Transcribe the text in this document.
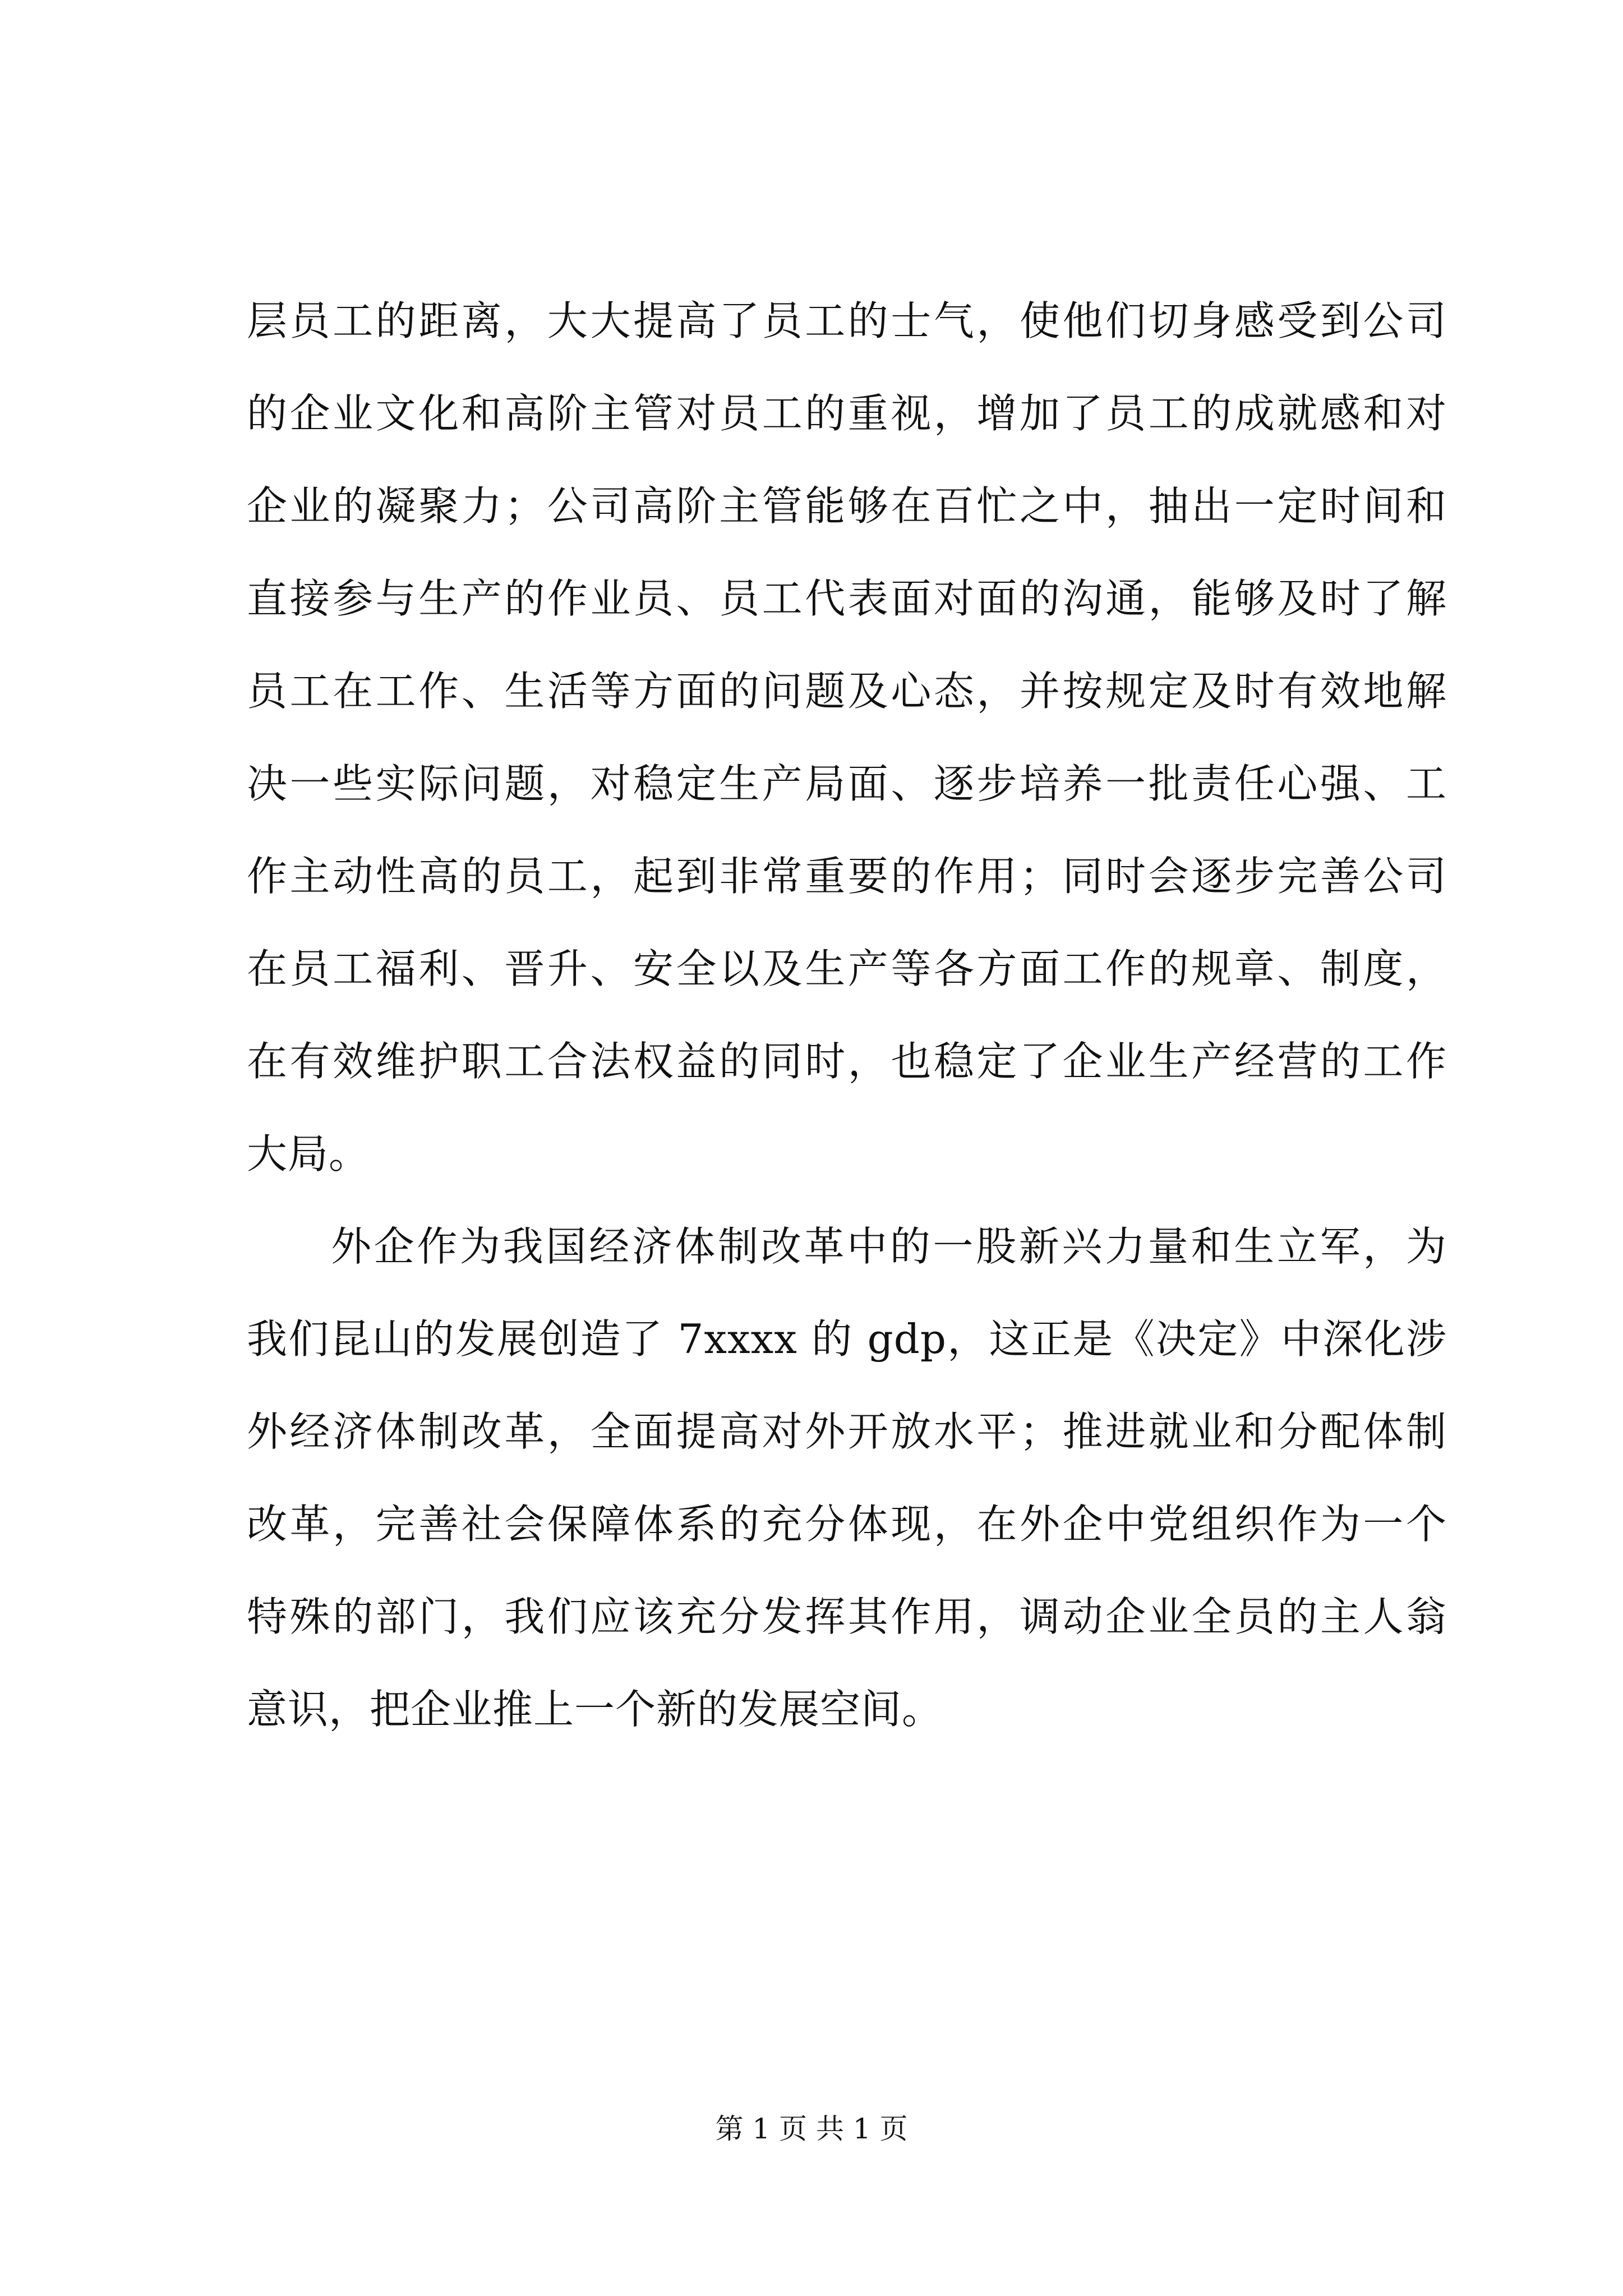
层员工的距离，大大提高了员工的士气，使他们切身感受到公司
的企业文化和高阶主管对员工的重视，增加了员工的成就感和对
企业的凝聚力；公司高阶主管能够在百忙之中，抽出一定时间和
直接参与生产的作业员、员工代表面对面的沟通，能够及时了解
员工在工作、生活等方面的问题及心态，并按规定及时有效地解
决一些实际问题，对稳定生产局面、逐步培养一批责任心强、工
作主动性高的员工，起到非常重要的作用；同时会逐步完善公司
在员工福利、晋升、安全以及生产等各方面工作的规章、制度，
在有效维护职工合法权益的同时，也稳定了企业生产经营的工作
大局。
外企作为我国经济体制改革中的一股新兴力量和生立军，为
我们昆山的发展创造了 7xxxx 的 gdp，这正是《决定》中深化涉
外经济体制改革，全面提高对外开放水平；推进就业和分配体制
改革，完善社会保障体系的充分体现，在外企中党组织作为一个
特殊的部门，我们应该充分发挥其作用，调动企业全员的主人翁
意识，把企业推上一个新的发展空间。
第 1 页 共 1 页
